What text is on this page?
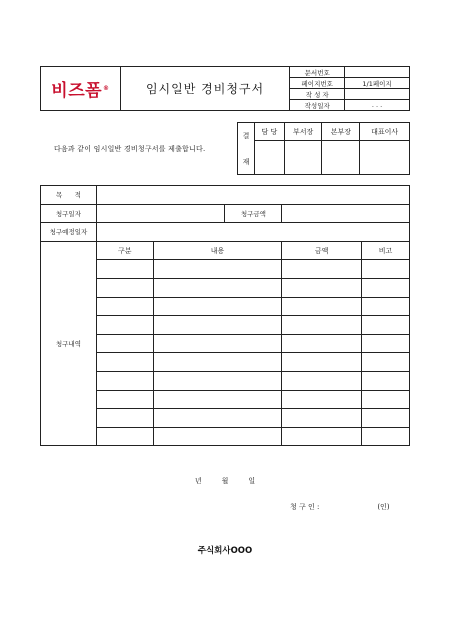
비즈폼 ®	임시일반 경비청구서	문서번호	
		페이지번호	1/1페이지
		작 성 자	
		작성일자	. . .
다음과 같이 임시일반 경비청구서를 제출합니다.
결
재	담 당	부서장	본부장	대표이사

목      적					
청구일자			청구금액		
청구예정일자					
청구내역	구분	내용		금액	비고

년	월	일
청 구 인 :	(인)
주식회사OOO
